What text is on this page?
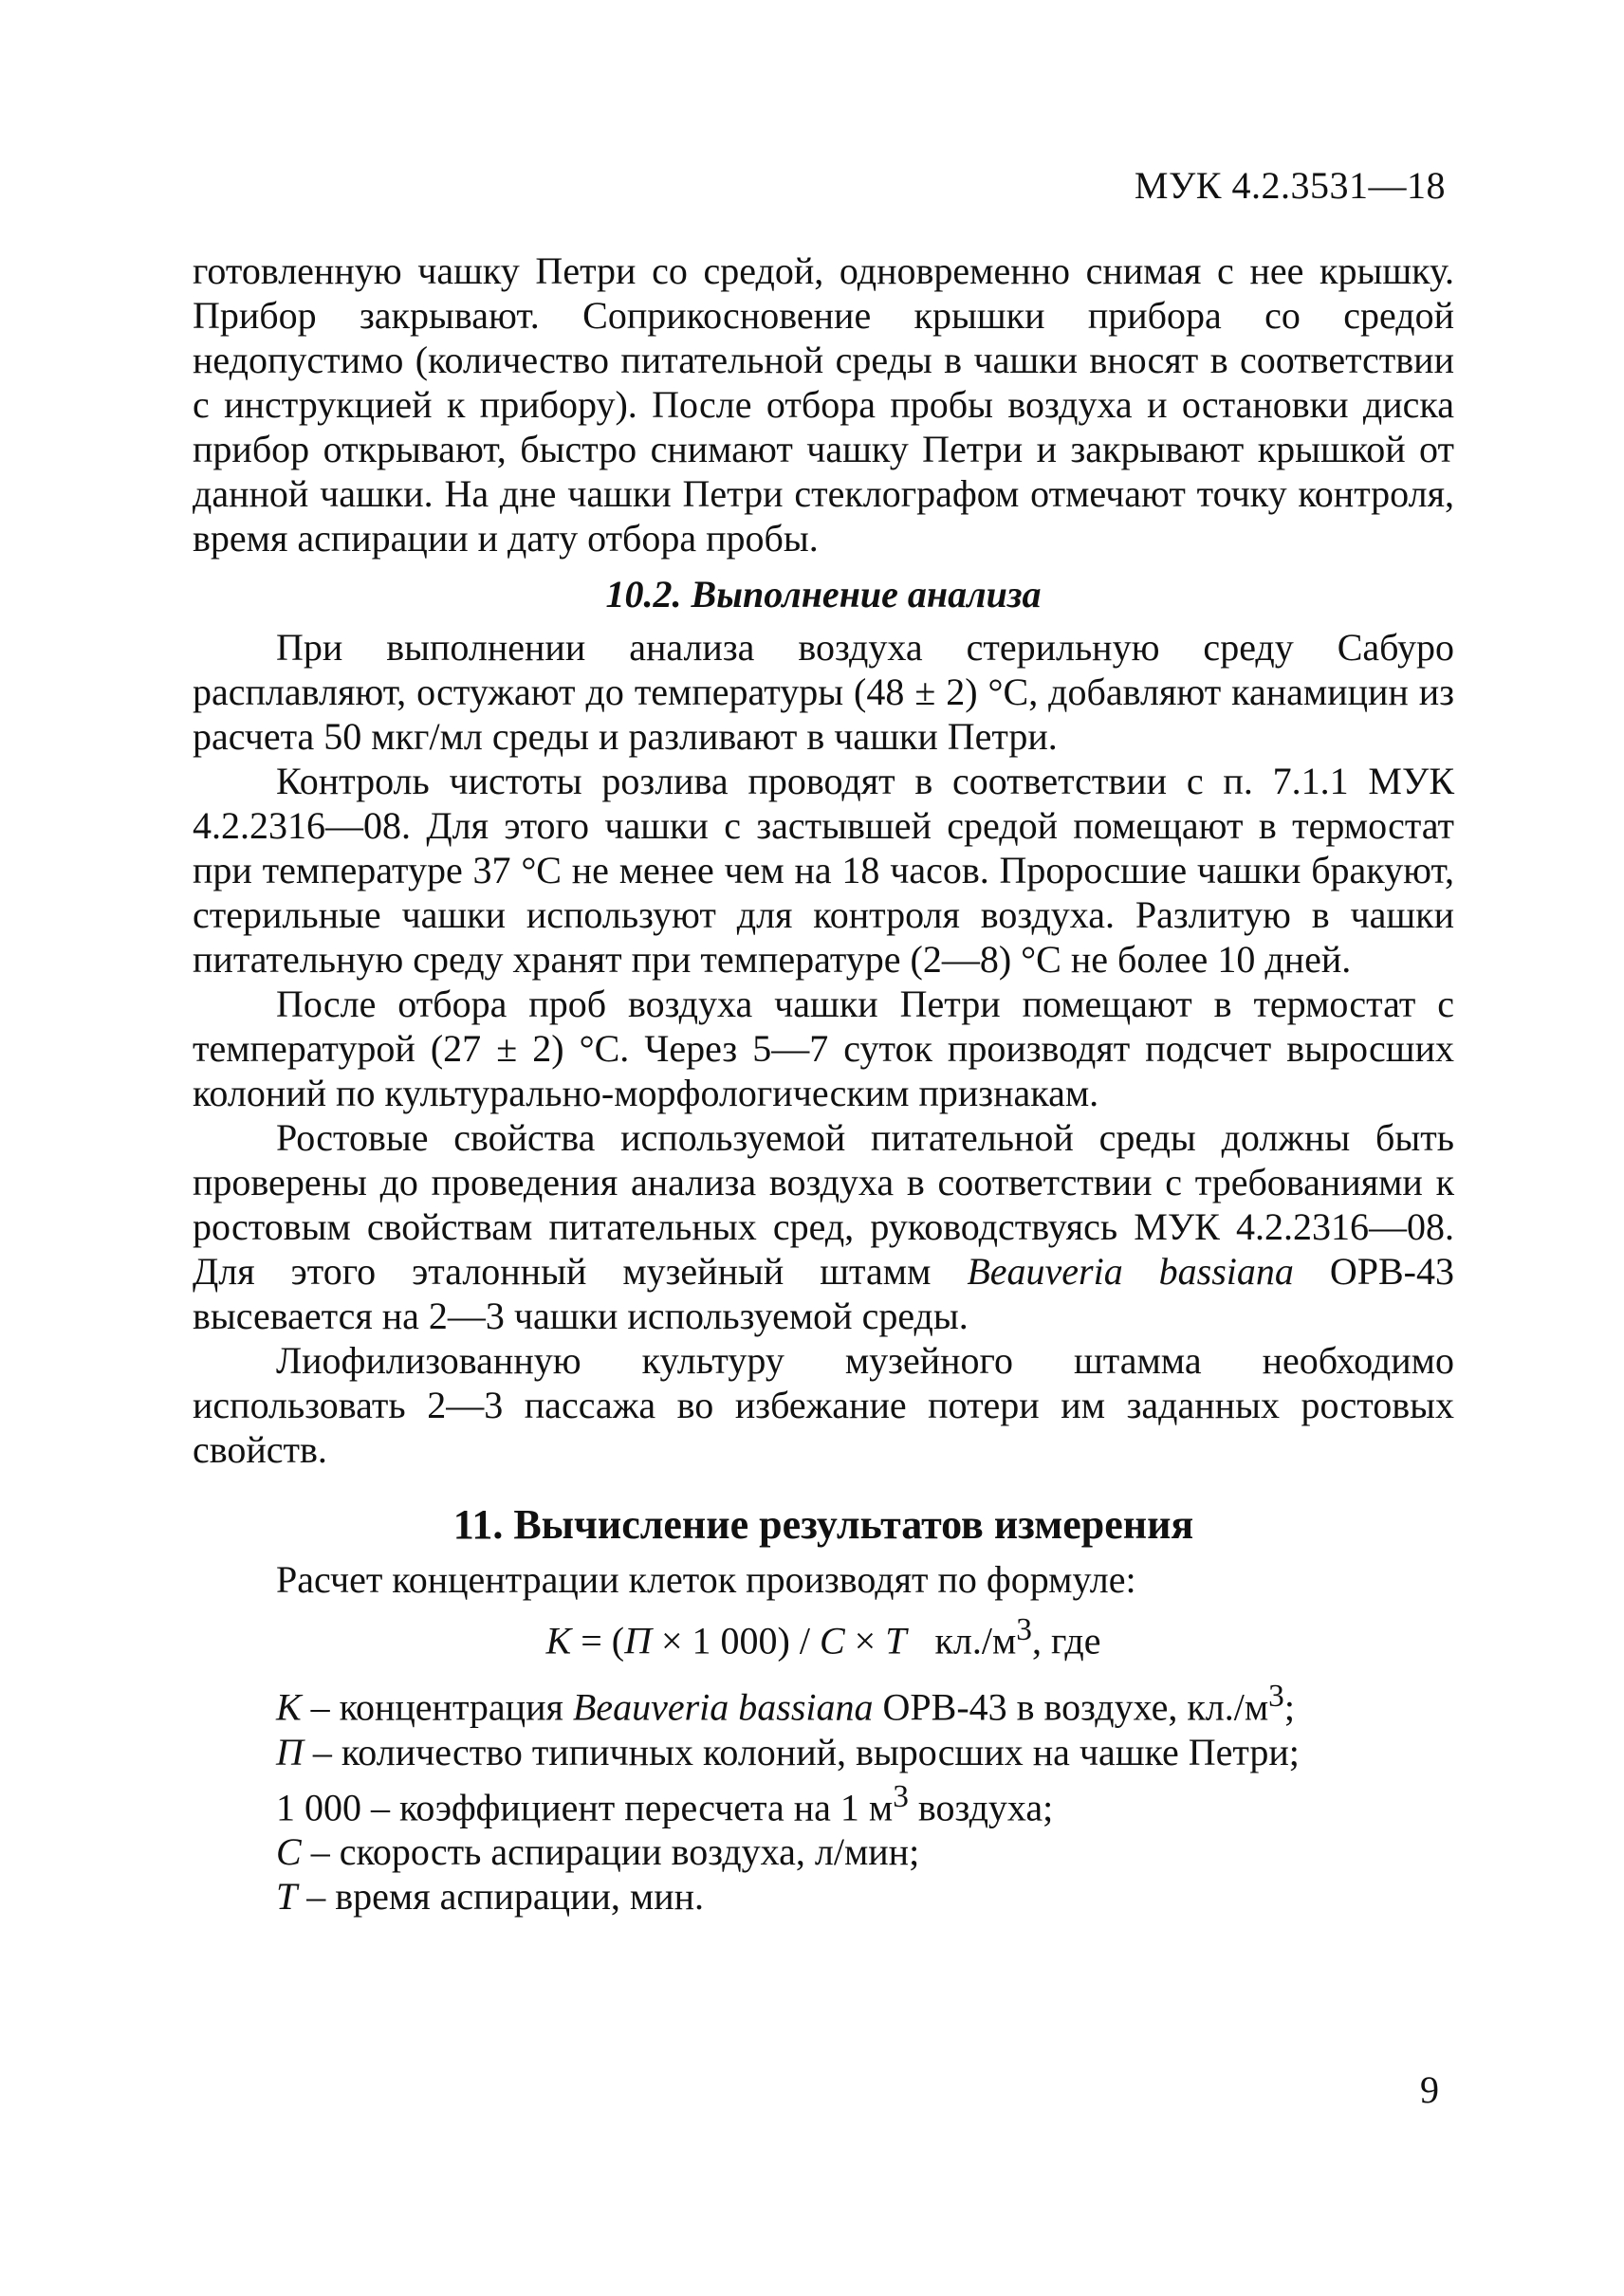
МУК 4.2.3531—18

готовленную чашку Петри со средой, одновременно снимая с нее крышку. Прибор закрывают. Соприкосновение крышки прибора со средой недопустимо (количество питательной среды в чашки вносят в соответствии с инструкцией к прибору). После отбора пробы воздуха и остановки диска прибор открывают, быстро снимают чашку Петри и закрывают крышкой от данной чашки. На дне чашки Петри стеклографом отмечают точку контроля, время аспирации и дату отбора пробы.

10.2. Выполнение анализа

При выполнении анализа воздуха стерильную среду Сабуро расплавляют, остужают до температуры (48 ± 2) °С, добавляют канамицин из расчета 50 мкг/мл среды и разливают в чашки Петри.

Контроль чистоты розлива проводят в соответствии с п. 7.1.1 МУК 4.2.2316—08. Для этого чашки с застывшей средой помещают в термостат при температуре 37 °С не менее чем на 18 часов. Проросшие чашки бракуют, стерильные чашки используют для контроля воздуха. Разлитую в чашки питательную среду хранят при температуре (2—8) °С не более 10 дней.

После отбора проб воздуха чашки Петри помещают в термостат с температурой (27 ± 2) °С. Через 5—7 суток производят подсчет выросших колоний по культурально-морфологическим признакам.

Ростовые свойства используемой питательной среды должны быть проверены до проведения анализа воздуха в соответствии с требованиями к ростовым свойствам питательных сред, руководствуясь МУК 4.2.2316—08. Для этого эталонный музейный штамм Beauveria bassiana ОРВ-43 высевается на 2—3 чашки используемой среды.

Лиофилизованную культуру музейного штамма необходимо использовать 2—3 пассажа во избежание потери им заданных ростовых свойств.

11. Вычисление результатов измерения

Расчет концентрации клеток производят по формуле:

K = (П × 1 000) / С × Т   $кл./м^3$, где

К – концентрация Beauveria bassiana ОРВ-43 в воздухе, $кл./м^3$;

П – количество типичных колоний, выросших на чашке Петри;

1 000 – коэффициент пересчета на 1 $м^3$ воздуха;

С – скорость аспирации воздуха, л/мин;

Т – время аспирации, мин.

9
